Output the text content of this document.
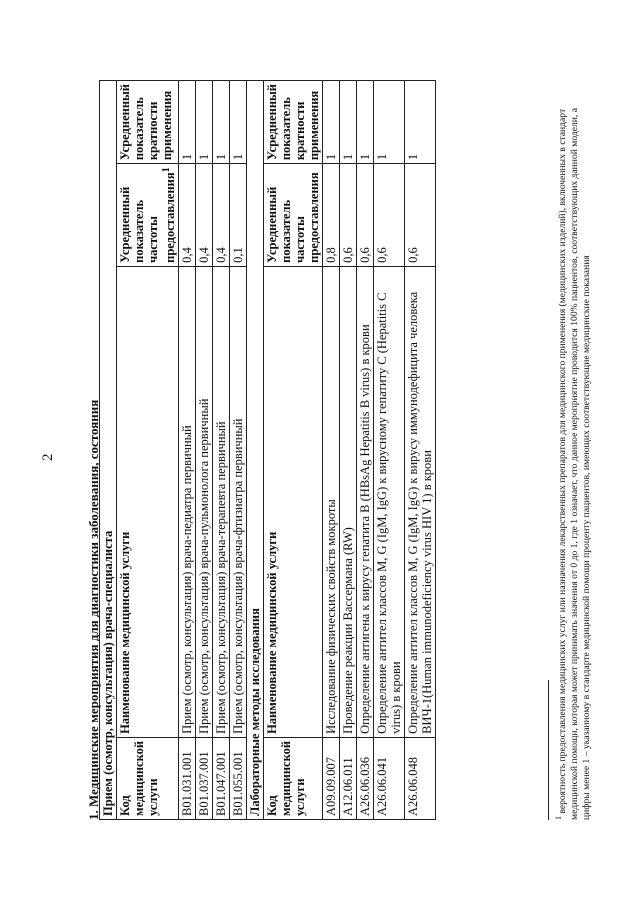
2 1. Медицинские мероприятия для диагностики заболевания, состояния Прием (осмотр, консультация) врача-специалиста			
Код медицинской услуги	Наименование медицинской услуги	Усредненный показатель частоты предоставления$^1$	Усредненный показатель кратности применения
B01.031.001	Прием (осмотр, консультация) врача-педиатра первичный	0,4	1
B01.037.001	Прием (осмотр, консультация) врача-пульмонолога первичный	0,4	1
B01.047.001	Прием (осмотр, консультация) врача-терапевта первичный	0,4	1
B01.055.001	Прием (осмотр, консультация) врача-фтизиатра первичный	0,1	1
Лабораторные методы исследования			
Код медицинской услуги	Наименование медицинской услуги	Усредненный показатель частоты предоставления	Усредненный показатель кратности применения
A09.09.007	Исследование физических свойств мокроты	0,8	1
A12.06.011	Проведение реакции Вассермана (RW)	0,6	1
A26.06.036	Определение антигена к вирусу гепатита B (HBsAg Hepatitis B virus) в крови	0,6	1
A26.06.041	Определение антител классов M, G (IgM, IgG) к вирусному гепатиту C (Hepatitis C virus) в крови	0,6	1
A26.06.048	Определение антител классов M, G (IgM, IgG) к вирусу иммунодефицита человека ВИЧ-1(Human immunodeficiency virus HIV 1) в крови	0,6	1
$^1$ вероятность предоставления медицинских услуг или назначения лекарственных препаратов для медицинского применения (медицинских изделий), включенных в стандарт медицинской помощи, которая может принимать значения от 0 до 1, где 1 означает, что данное мероприятие проводится 100% пациентов, соответствующих данной модели, а цифры менее 1 – указанному в стандарте медицинской помощи проценту пациентов, имеющих соответствующие медицинские показания
